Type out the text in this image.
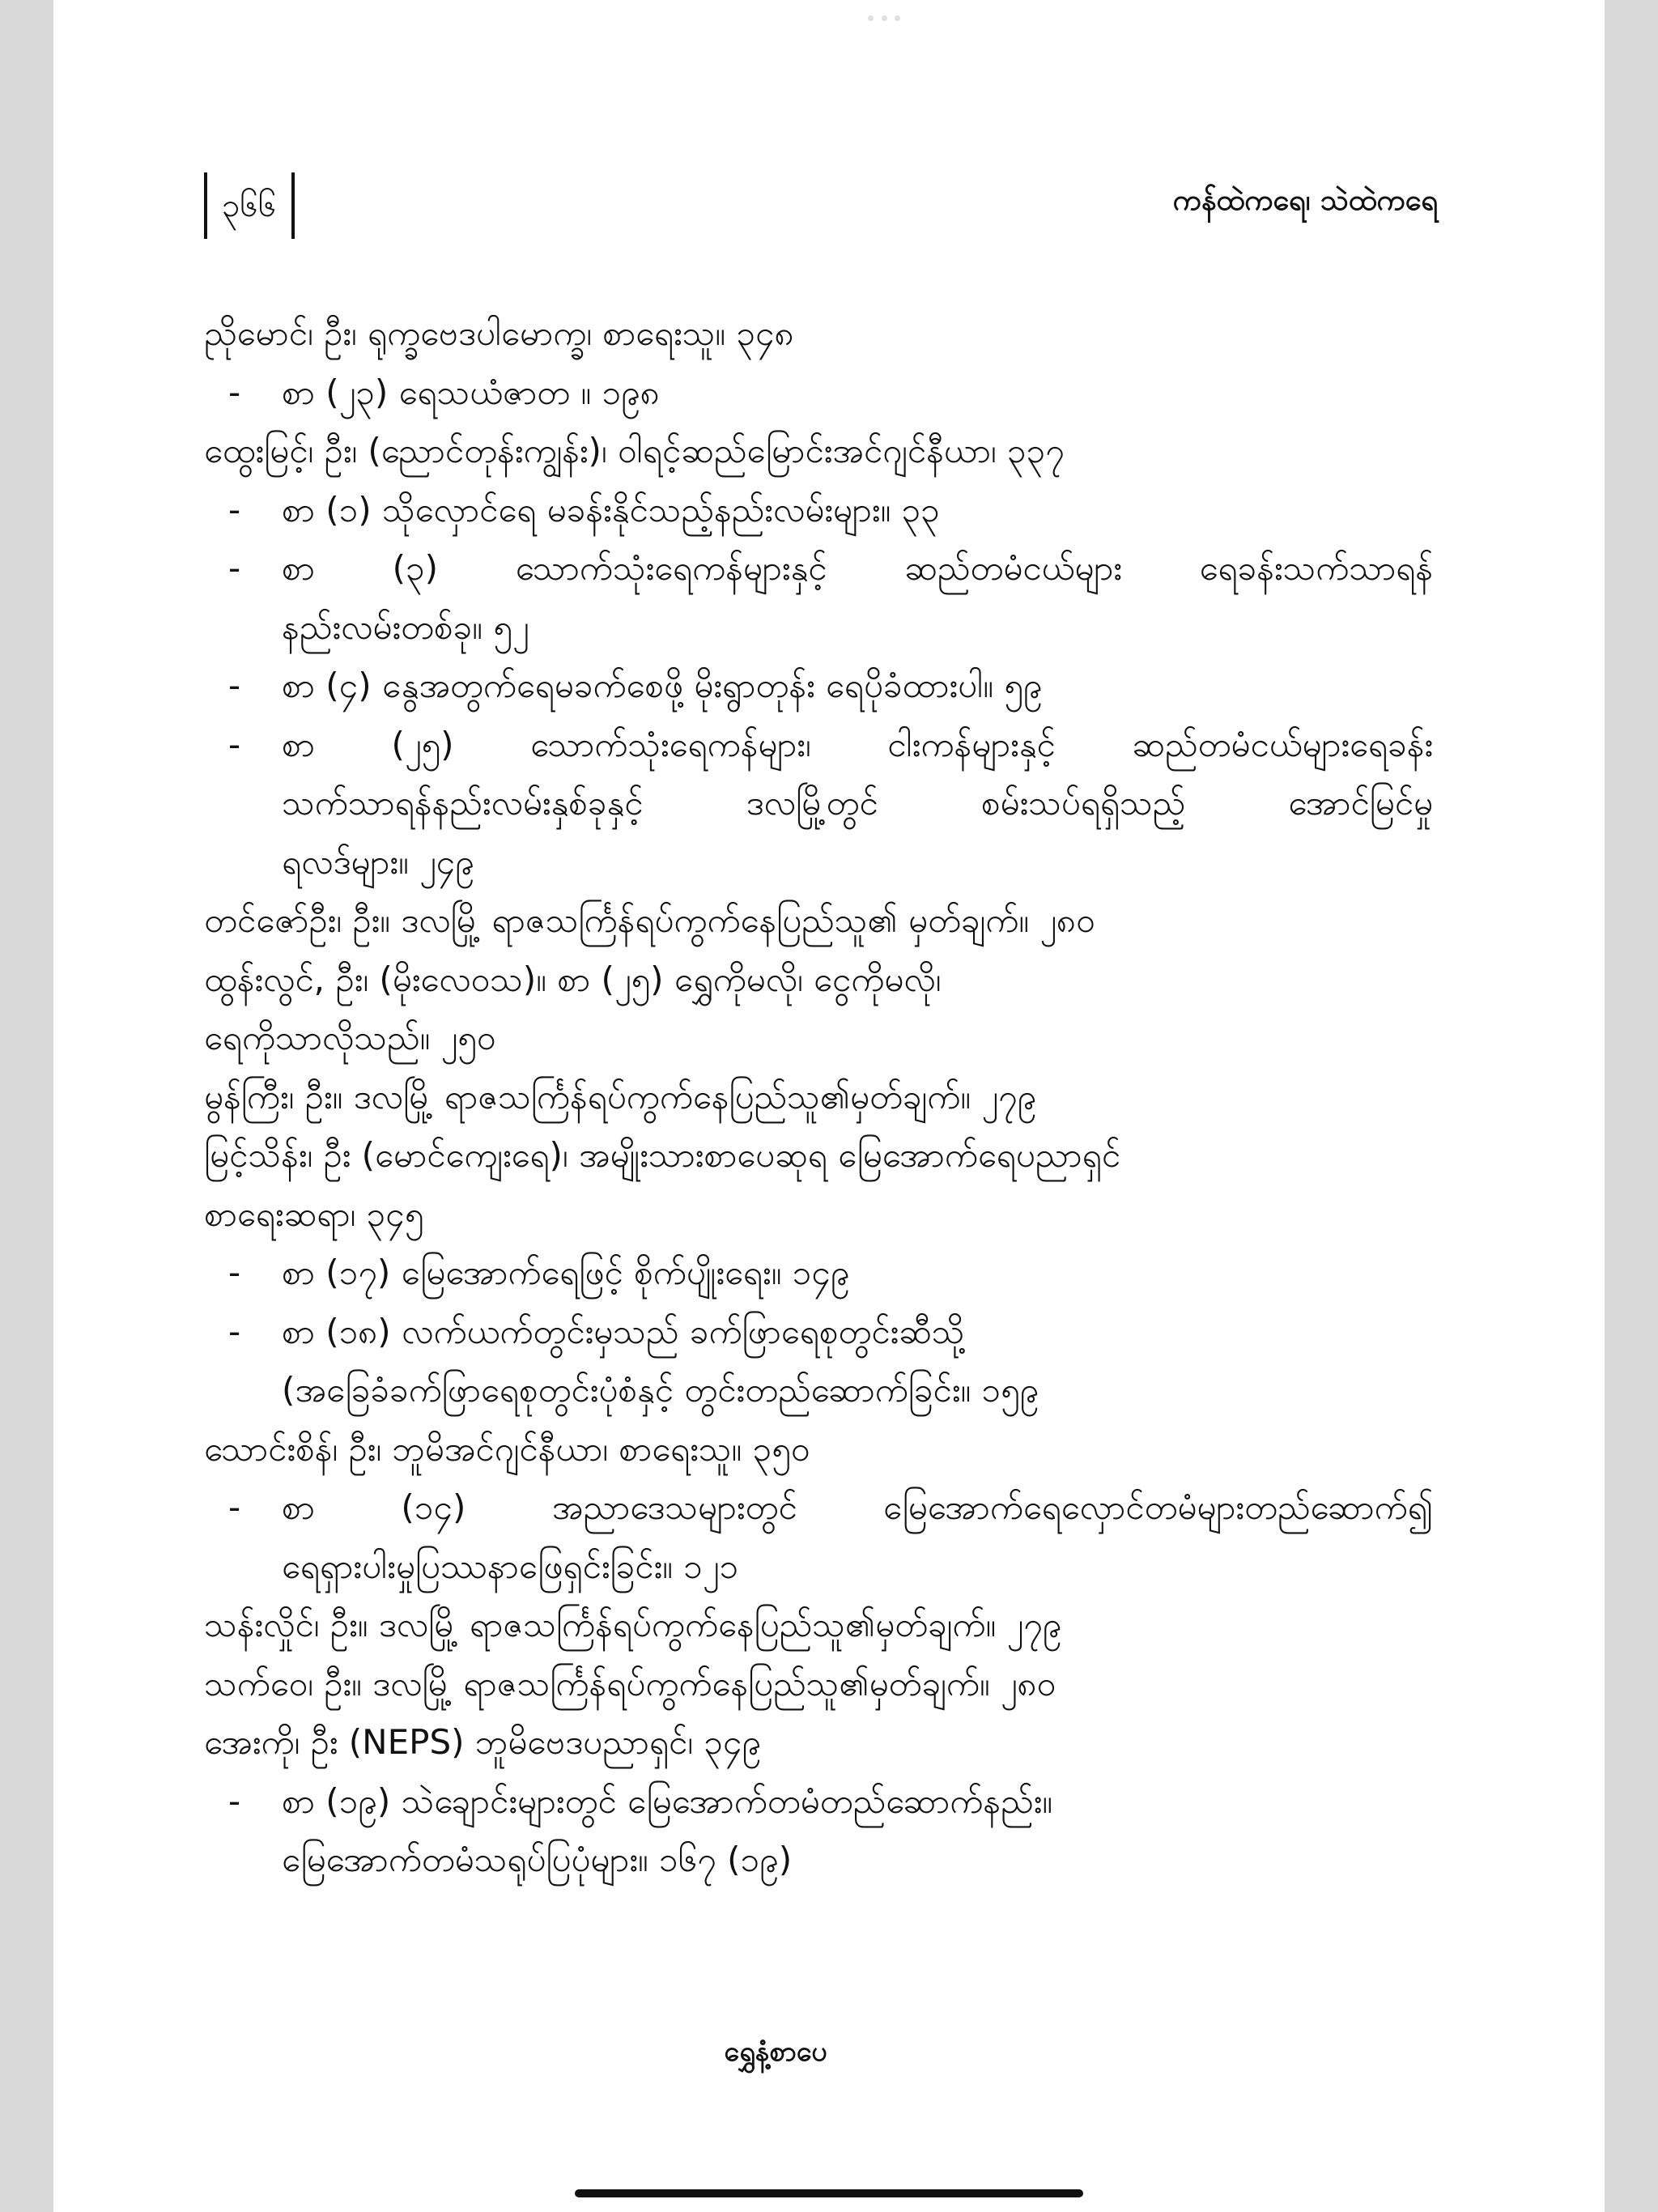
၃၆၆	ကန်ထဲကရေ၊ သဲထဲကရေ
ညိုမောင်၊ ဦး၊ ရုက္ခဗေဒပါမောက္ခ၊ စာရေးသူ။ ၃၄၈
- စာ (၂၃) ရေသယံဇာတ ။ ၁၉၈
ထွေးမြင့်၊ ဦး၊ (ညောင်တုန်းကျွန်း)၊ ဝါရင့်ဆည်မြောင်းအင်ဂျင်နီယာ၊ ၃၃၇
- စာ (၁) သိုလှောင်ရေ မခန်းနိုင်သည့်နည်းလမ်းများ။ ၃၃
- စာ (၃) သောက်သုံးရေကန်များနှင့် ဆည်တမံငယ်များ ရေခန်းသက်သာရန်
နည်းလမ်းတစ်ခု။ ၅၂
- စာ (၄) နွေအတွက်ရေမခက်စေဖို့ မိုးရွာတုန်း ရေပိုခံထားပါ။ ၅၉
- စာ (၂၅) သောက်သုံးရေကန်များ၊ ငါးကန်များနှင့် ဆည်တမံငယ်များရေခန်း
သက်သာရန်နည်းလမ်းနှစ်ခုနှင့် ဒလမြို့တွင် စမ်းသပ်ရရှိသည့် အောင်မြင်မှု
ရလဒ်များ။ ၂၄၉
တင်ဇော်ဦး၊ ဦး။ ဒလမြို့ ရာဇသင်္ကြန်ရပ်ကွက်နေပြည်သူ၏ မှတ်ချက်။ ၂၈၀
ထွန်းလွင်, ဦး၊ (မိုးလေဝသ)။ စာ (၂၅) ရွှေကိုမလို၊ ငွေကိုမလို၊
ရေကိုသာလိုသည်။ ၂၅၀
မွန်ကြီး၊ ဦး။ ဒလမြို့ ရာဇသင်္ကြန်ရပ်ကွက်နေပြည်သူ၏မှတ်ချက်။ ၂၇၉
မြင့်သိန်း၊ ဦး (မောင်ကျေးရေ)၊ အမျိုးသားစာပေဆုရ မြေအောက်ရေပညာရှင်
စာရေးဆရာ၊ ၃၄၅
- စာ (၁၇) မြေအောက်ရေဖြင့် စိုက်ပျိုးရေး။ ၁၄၉
- စာ (၁၈) လက်ယက်တွင်းမှသည် ခက်ဖြာရေစုတွင်းဆီသို့
(အခြေခံခက်ဖြာရေစုတွင်းပုံစံနှင့် တွင်းတည်ဆောက်ခြင်း။ ၁၅၉
သောင်းစိန်၊ ဦး၊ ဘူမိအင်ဂျင်နီယာ၊ စာရေးသူ။ ၃၅၀
- စာ (၁၄) အညာဒေသများတွင် မြေအောက်ရေလှောင်တမံများတည်ဆောက်၍
ရေရှားပါးမှုပြဿနာဖြေရှင်းခြင်း။ ၁၂၁
သန်းလှိုင်၊ ဦး။ ဒလမြို့ ရာဇသင်္ကြန်ရပ်ကွက်နေပြည်သူ၏မှတ်ချက်။ ၂၇၉
သက်ဝေ၊ ဦး။ ဒလမြို့ ရာဇသင်္ကြန်ရပ်ကွက်နေပြည်သူ၏မှတ်ချက်။ ၂၈၀
အေးကို၊ ဦး (NEPS) ဘူမိဗေဒပညာရှင်၊ ၃၄၉
- စာ (၁၉) သဲချောင်းများတွင် မြေအောက်တမံတည်ဆောက်နည်း။
မြေအောက်တမံသရုပ်ပြပုံများ။ ၁၆၇ (၁၉)
ရွှေနံ့စာပေ
